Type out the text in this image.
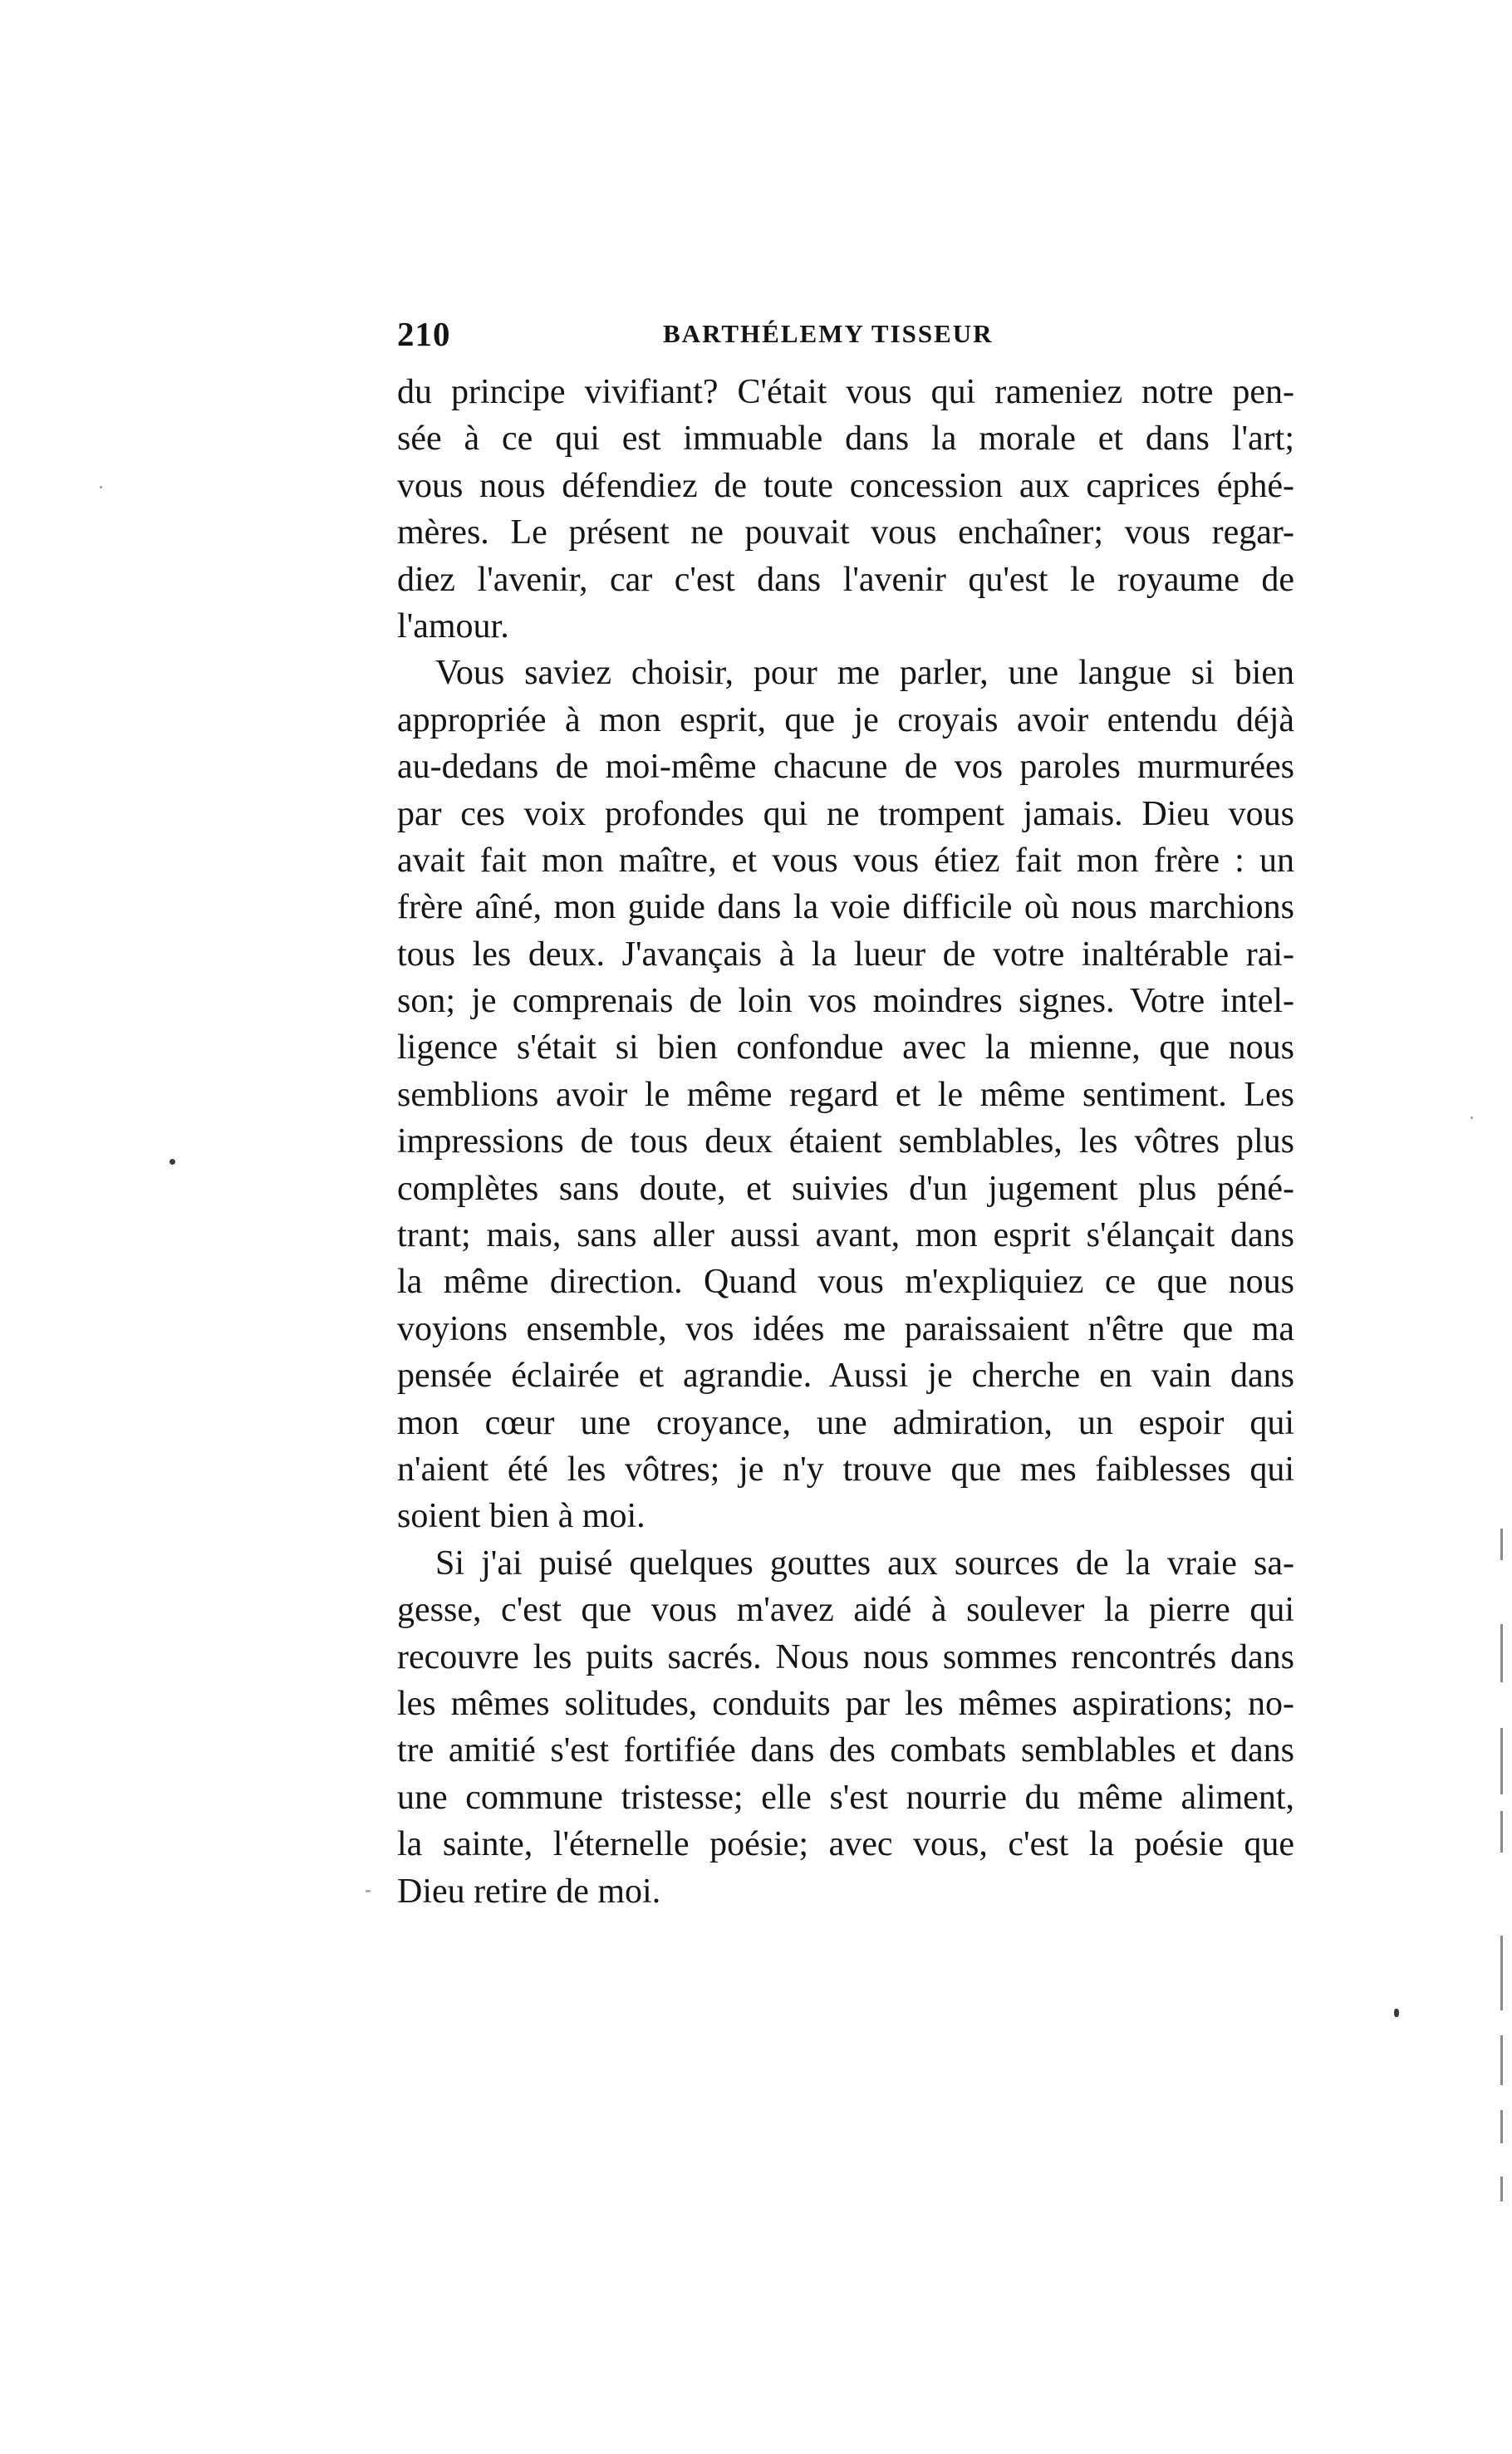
210	BARTHÉLEMY TISSEUR
du principe vivifiant? C'était vous qui rameniez notre pen-
sée à ce qui est immuable dans la morale et dans l'art;
vous nous défendiez de toute concession aux caprices éphé-
mères. Le présent ne pouvait vous enchaîner; vous regar-
diez l'avenir, car c'est dans l'avenir qu'est le royaume de
l'amour.
Vous saviez choisir, pour me parler, une langue si bien
appropriée à mon esprit, que je croyais avoir entendu déjà
au-dedans de moi-même chacune de vos paroles murmurées
par ces voix profondes qui ne trompent jamais. Dieu vous
avait fait mon maître, et vous vous étiez fait mon frère : un
frère aîné, mon guide dans la voie difficile où nous marchions
tous les deux. J'avançais à la lueur de votre inaltérable rai-
son; je comprenais de loin vos moindres signes. Votre intel-
ligence s'était si bien confondue avec la mienne, que nous
semblions avoir le même regard et le même sentiment. Les
impressions de tous deux étaient semblables, les vôtres plus
complètes sans doute, et suivies d'un jugement plus péné-
trant; mais, sans aller aussi avant, mon esprit s'élançait dans
la même direction. Quand vous m'expliquiez ce que nous
voyions ensemble, vos idées me paraissaient n'être que ma
pensée éclairée et agrandie. Aussi je cherche en vain dans
mon cœur une croyance, une admiration, un espoir qui
n'aient été les vôtres; je n'y trouve que mes faiblesses qui
soient bien à moi.
Si j'ai puisé quelques gouttes aux sources de la vraie sa-
gesse, c'est que vous m'avez aidé à soulever la pierre qui
recouvre les puits sacrés. Nous nous sommes rencontrés dans
les mêmes solitudes, conduits par les mêmes aspirations; no-
tre amitié s'est fortifiée dans des combats semblables et dans
une commune tristesse; elle s'est nourrie du même aliment,
la sainte, l'éternelle poésie; avec vous, c'est la poésie que
Dieu retire de moi.
